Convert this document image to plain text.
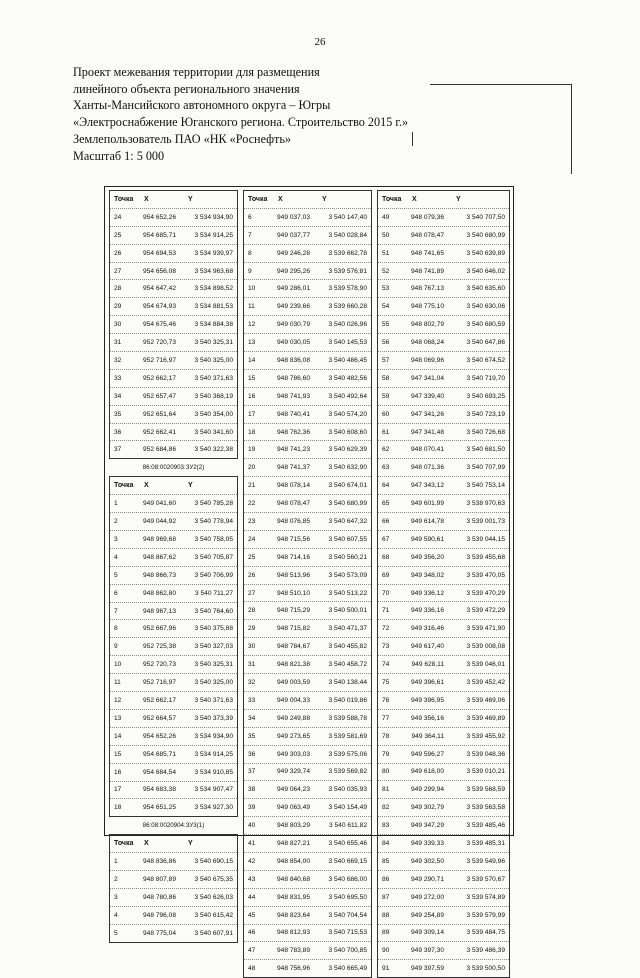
26
Проект межевания территории для размещения
линейного объекта регионального значения
Ханты-Мансийского автономного округа – Югры
«Электроснабжение Юганского региона. Строительство 2015 г.»
Землепользователь ПАО «НК «Роснефть»
Масштаб 1: 5 000
Точка	X	Y
24	954 652,26	3 534 934,90
25	954 685,71	3 534 914,25
26	954 694,53	3 534 939,97
27	954 656,08	3 534 963,68
28	954 647,42	3 534 898,52
29	954 674,93	3 534 881,53
30	954 675,46	3 534 884,38
31	952 720,73	3 540 325,31
32	952 716,97	3 540 325,00
33	952 662,17	3 540 371,63
34	952 657,47	3 540 368,19
35	952 651,64	3 540 354,00
36	952 662,41	3 540 341,60
37	952 684,86	3 540 322,38
86:08:0020903:ЗУ2(2)
Точка	X	Y
1	949 041,60	3 540 785,28
2	949 044,92	3 540 778,94
3	948 969,68	3 540 758,05
4	948 867,62	3 540 705,87
5	948 866,73	3 540 706,99
6	948 862,80	3 540 711,27
7	948 967,13	3 540 764,60
8	952 667,96	3 540 375,88
9	952 725,38	3 540 327,03
10	952 720,73	3 540 325,31
11	952 716,97	3 540 325,00
12	952 662,17	3 540 371,63
13	952 664,57	3 540 373,39
14	954 652,26	3 534 934,90
15	954 685,71	3 534 914,25
16	954 684,54	3 534 910,85
17	954 683,38	3 534 907,47
18	954 651,25	3 534 927,30
86:08:0020904:ЗУ3(1)
Точка	X	Y
1	948 836,86	3 540 690,15
2	948 807,89	3 540 675,35
3	948 780,86	3 540 626,03
4	948 796,08	3 540 615,42
5	948 775,04	3 540 607,91
Точка	X	Y
6	949 037,03	3 540 147,40
7	949 037,77	3 540 028,84
8	949 246,28	3 539 662,78
9	949 295,26	3 539 576,81
10	949 286,01	3 539 578,90
11	949 239,66	3 539 660,28
12	949 030,79	3 540 026,96
13	949 030,05	3 540 145,53
14	948 836,08	3 540 486,45
15	948 786,60	3 540 482,56
16	948 741,93	3 540 492,64
17	948 740,41	3 540 574,20
18	948 762,36	3 540 608,60
19	948 741,23	3 540 629,39
20	948 741,37	3 540 632,90
21	948 078,14	3 540 674,01
22	948 078,47	3 540 680,99
23	948 076,85	3 540 647,32
24	948 715,56	3 540 607,55
25	948 714,16	3 540 560,21
26	948 513,96	3 540 573,09
27	948 510,10	3 540 513,22
28	948 715,29	3 540 500,01
29	948 715,82	3 540 471,37
30	948 784,67	3 540 455,82
31	948 821,38	3 540 458,72
32	949 003,59	3 540 138,44
33	949 004,33	3 540 019,86
34	949 249,88	3 539 588,78
35	949 273,65	3 539 581,69
36	949 303,03	3 539 575,06
37	949 329,74	3 539 569,82
38	949 064,23	3 540 035,93
39	949 063,49	3 540 154,49
40	948 803,29	3 540 611,82
41	948 827,21	3 540 655,46
42	948 854,00	3 540 669,15
43	948 840,68	3 540 686,00
44	948 831,95	3 540 695,50
45	948 823,64	3 540 704,54
46	948 812,93	3 540 715,53
47	948 783,89	3 540 700,85
48	948 756,96	3 540 665,49
Точка	X	Y
49	948 079,36	3 540 707,50
50	948 078,47	3 540 680,99
51	948 741,65	3 540 639,89
52	948 741,89	3 540 646,02
53	948 767,13	3 540 635,60
54	948 775,10	3 540 630,06
55	948 802,79	3 540 680,59
56	948 068,24	3 540 647,86
57	948 069,96	3 540 674,52
58	947 341,04	3 540 719,70
59	947 339,40	3 540 693,25
60	947 341,26	3 540 723,19
61	947 341,48	3 540 726,68
62	948 070,41	3 540 681,50
63	948 071,36	3 540 707,99
64	947 343,12	3 540 753,14
65	949 601,99	3 538 970,63
66	949 614,78	3 539 001,73
67	949 590,61	3 539 044,15
68	949 356,20	3 539 455,68
69	949 348,02	3 539 470,05
70	949 336,12	3 539 470,29
71	949 336,16	3 539 472,29
72	949 316,46	3 539 471,90
73	949 617,40	3 539 008,08
74	949 628,11	3 539 046,01
75	949 396,61	3 539 452,42
76	949 396,95	3 539 469,06
77	949 356,16	3 539 469,89
78	949 364,11	3 539 455,92
79	949 596,27	3 539 048,36
80	949 618,00	3 539 010,21
81	949 299,94	3 539 568,59
82	949 302,79	3 539 563,58
83	949 347,29	3 539 485,46
84	949 339,33	3 539 485,31
85	949 302,50	3 539 549,96
86	949 290,71	3 539 570,67
87	949 272,00	3 539 574,89
88	949 254,89	3 539 579,99
89	949 309,14	3 539 484,75
90	949 397,30	3 539 486,39
91	949 397,59	3 539 500,50
